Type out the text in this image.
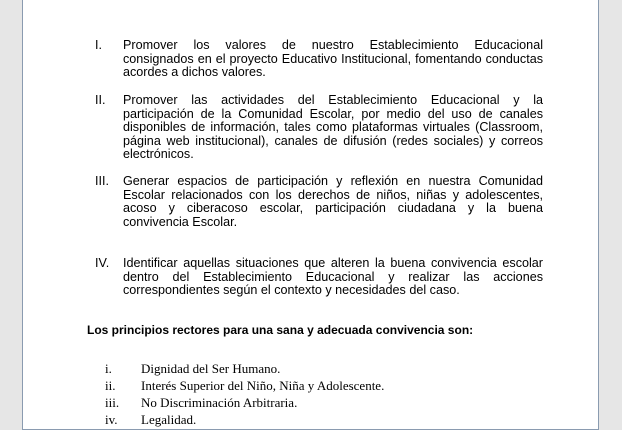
I.	Promover los valores de nuestro Establecimiento Educacional consignados en el proyecto Educativo Institucional, fomentando conductas acordes a dichos valores.
II.	Promover las actividades del Establecimiento Educacional y la participación de la Comunidad Escolar, por medio del uso de canales disponibles de información, tales como plataformas virtuales (Classroom, página web institucional), canales de difusión (redes sociales) y correos electrónicos.
III.	Generar espacios de participación y reflexión en nuestra Comunidad Escolar relacionados con los derechos de niños, niñas y adolescentes, acoso y ciberacoso escolar, participación ciudadana y la buena convivencia Escolar.
IV.	Identificar aquellas situaciones que alteren la buena convivencia escolar dentro del Establecimiento Educacional y realizar las acciones correspondientes según el contexto y necesidades del caso.
Los principios rectores para una sana y adecuada convivencia son:
i.	Dignidad del Ser Humano.
ii.	Interés Superior del Niño, Niña y Adolescente.
iii.	No Discriminación Arbitraria.
iv.	Legalidad.
